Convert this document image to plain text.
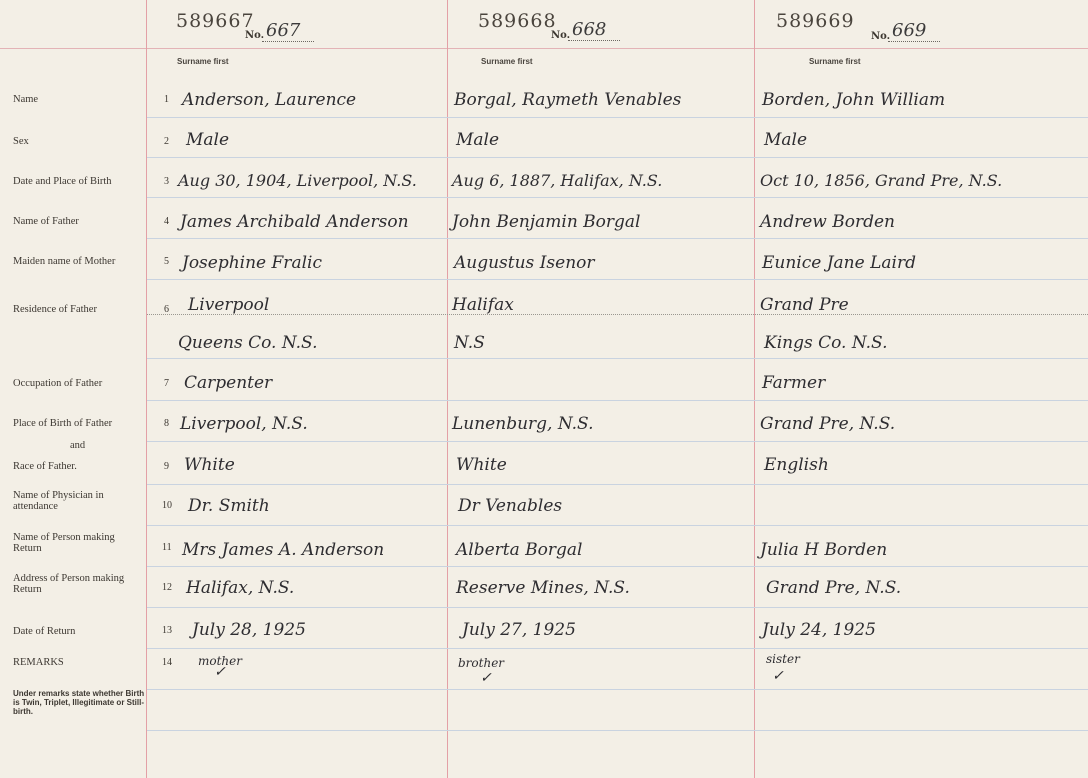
589667
No. 667
Surname first
589668
No. 668
Surname first
589669
No. 669
Surname first
Name
Sex
Date and Place of Birth
Name of Father
Maiden name of Mother
Residence of Father
Occupation of Father
Place of Birth of Father
and
Race of Father.
Name of Physician in attendance
Name of Person making Return
Address of Person making Return
Date of Return
REMARKS
Under remarks state whether Birth is Twin, Triplet, Illegitimate or Still-birth.
1
2
3
4
5
6
7
8
9
10
11
12
13
14
Anderson, Laurence
Male
Aug 30, 1904, Liverpool, N.S.
James Archibald Anderson
Josephine Fralic
Liverpool
Queens Co. N.S.
Carpenter
Liverpool, N.S.
White
Dr. Smith
Mrs James A. Anderson
Halifax, N.S.
July 28, 1925
mother
✓
Borgal, Raymeth Venables
Male
Aug 6, 1887, Halifax, N.S.
John Benjamin Borgal
Augustus Isenor
Halifax
N.S
Lunenburg, N.S.
White
Dr Venables
Alberta Borgal
Reserve Mines, N.S.
July 27, 1925
brother
✓
Borden, John William
Male
Oct 10, 1856, Grand Pre, N.S.
Andrew Borden
Eunice Jane Laird
Grand Pre
Kings Co. N.S.
Farmer
Grand Pre, N.S.
English
Julia H Borden
Grand Pre, N.S.
July 24, 1925
sister
✓
